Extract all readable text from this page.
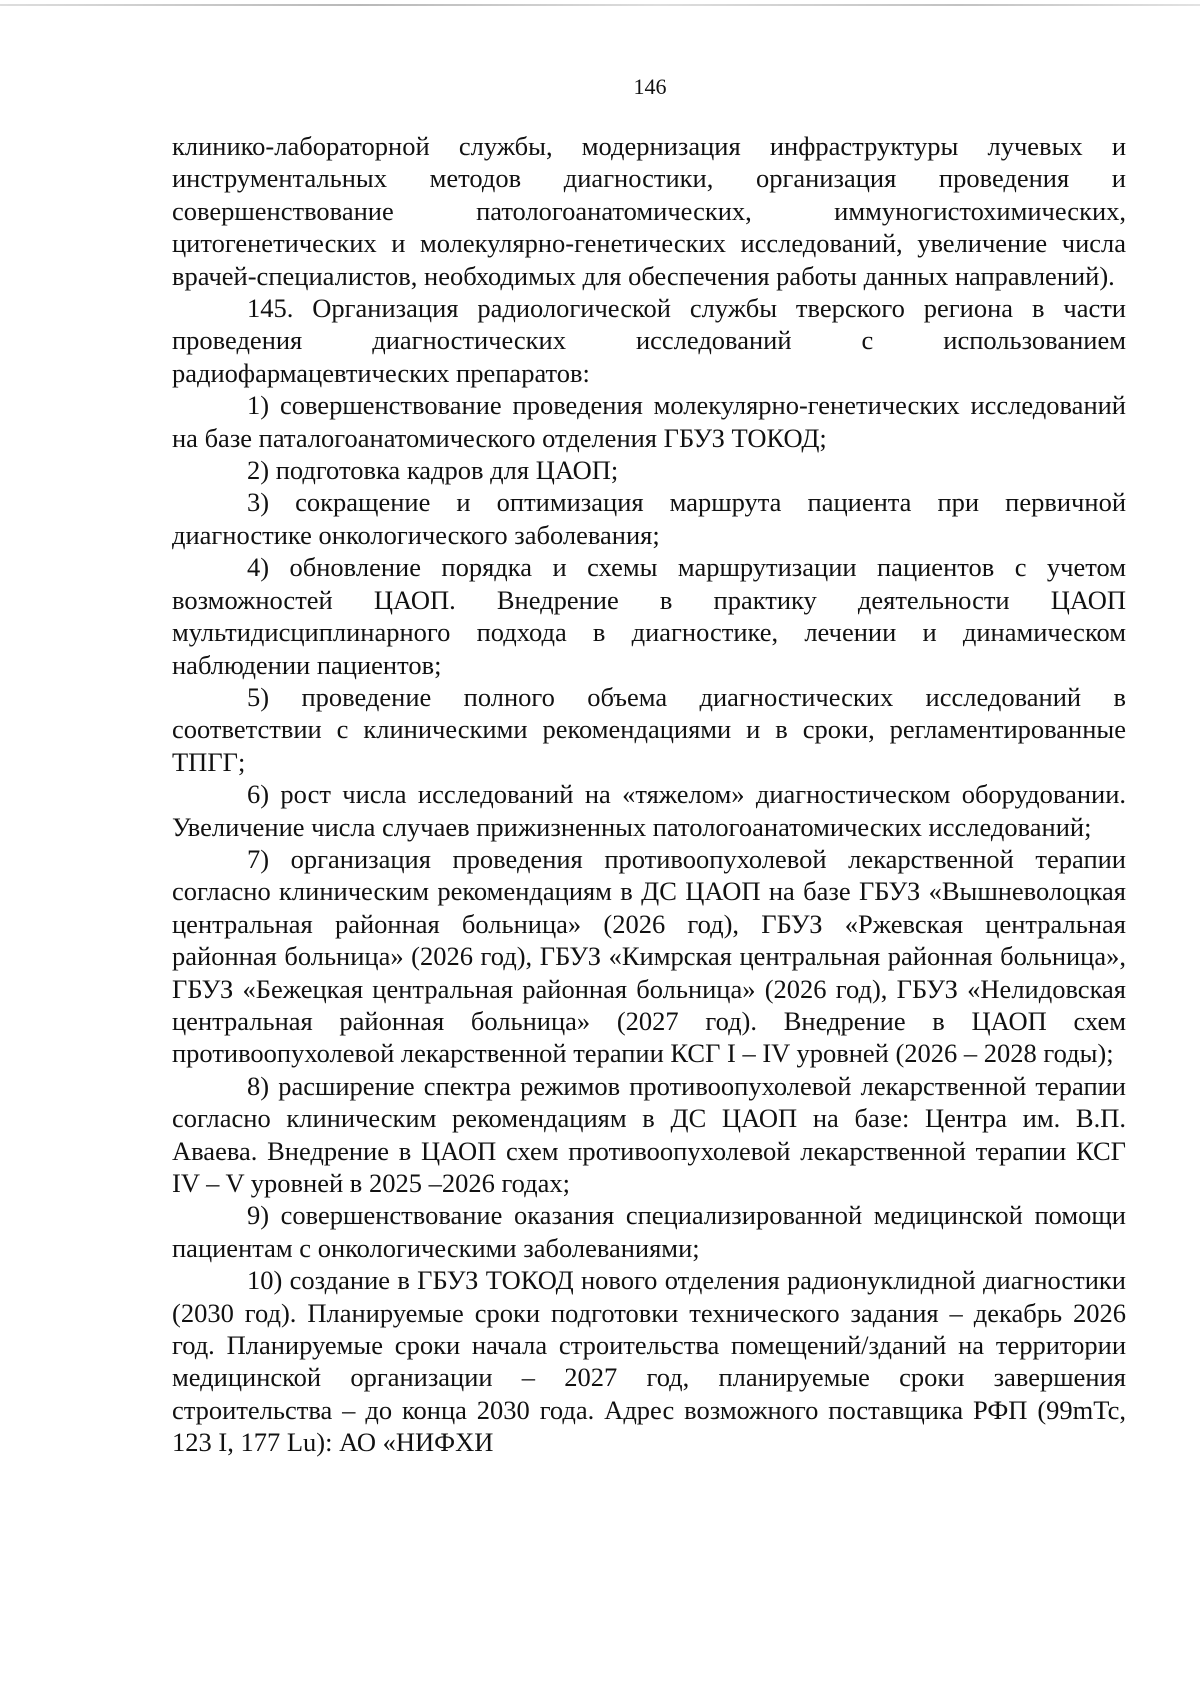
146

клинико-лабораторной службы, модернизация инфраструктуры лучевых и инструментальных методов диагностики, организация проведения и совершенствование патологоанатомических, иммуногистохимических, цитогенетических и молекулярно-генетических исследований, увеличение числа врачей-специалистов, необходимых для обеспечения работы данных направлений).

145. Организация радиологической службы тверского региона в части проведения диагностических исследований с использованием радиофармацевтических препаратов:

1) совершенствование проведения молекулярно-генетических исследований на базе паталогоанатомического отделения ГБУЗ ТОКОД;

2) подготовка кадров для ЦАОП;

3) сокращение и оптимизация маршрута пациента при первичной диагностике онкологического заболевания;

4) обновление порядка и схемы маршрутизации пациентов с учетом возможностей ЦАОП. Внедрение в практику деятельности ЦАОП мультидисциплинарного подхода в диагностике, лечении и динамическом наблюдении пациентов;

5) проведение полного объема диагностических исследований в соответствии с клиническими рекомендациями и в сроки, регламентированные ТПГГ;

6) рост числа исследований на «тяжелом» диагностическом оборудовании. Увеличение числа случаев прижизненных патологоанатомических исследований;

7) организация проведения противоопухолевой лекарственной терапии согласно клиническим рекомендациям в ДС ЦАОП на базе ГБУЗ «Вышневолоцкая центральная районная больница» (2026 год), ГБУЗ «Ржевская центральная районная больница» (2026 год), ГБУЗ «Кимрская центральная районная больница», ГБУЗ «Бежецкая центральная районная больница» (2026 год), ГБУЗ «Нелидовская центральная районная больница» (2027 год). Внедрение в ЦАОП схем противоопухолевой лекарственной терапии КСГ I – IV уровней (2026 – 2028 годы);

8) расширение спектра режимов противоопухолевой лекарственной терапии согласно клиническим рекомендациям в ДС ЦАОП на базе: Центра им. В.П. Аваева. Внедрение в ЦАОП схем противоопухолевой лекарственной терапии КСГ IV – V уровней в 2025 –2026 годах;

9) совершенствование оказания специализированной медицинской помощи пациентам с онкологическими заболеваниями;

10) создание в ГБУЗ ТОКОД нового отделения радионуклидной диагностики (2030 год). Планируемые сроки подготовки технического задания – декабрь 2026 год. Планируемые сроки начала строительства помещений/зданий на территории медицинской организации – 2027 год, планируемые сроки завершения строительства – до конца 2030 года. Адрес возможного поставщика РФП (99mTc, 123 I, 177 Lu): АО «НИФХИ
